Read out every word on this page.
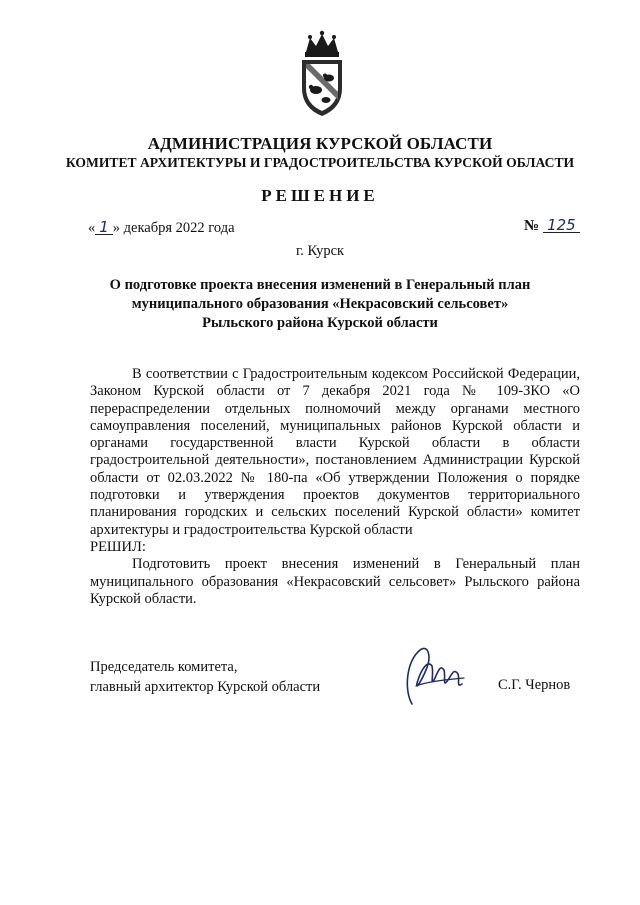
АДМИНИСТРАЦИЯ КУРСКОЙ ОБЛАСТИ
КОМИТЕТ АРХИТЕКТУРЫ И ГРАДОСТРОИТЕЛЬСТВА КУРСКОЙ ОБЛАСТИ
РЕШЕНИЕ
« 1 » декабря 2022 года	№ 125
г. Курск
О подготовке проекта внесения изменений в Генеральный план
муниципального образования «Некрасовский сельсовет»
Рыльского района Курской области

В соответствии с Градостроительным кодексом Российской Федерации, Законом Курской области от 7 декабря 2021 года № 109-ЗКО «О перераспределении отдельных полномочий между органами местного самоуправления поселений, муниципальных районов Курской области и органами государственной власти Курской области в области градостроительной деятельности», постановлением Администрации Курской области от 02.03.2022 № 180-па «Об утверждении Положения о порядке подготовки и утверждения проектов документов территориального планирования городских и сельских поселений Курской области» комитет архитектуры и градостроительства Курской области

РЕШИЛ:

Подготовить проект внесения изменений в Генеральный план муниципального образования «Некрасовский сельсовет» Рыльского района Курской области.

Председатель комитета,
главный архитектор Курской области	С.Г. Чернов
